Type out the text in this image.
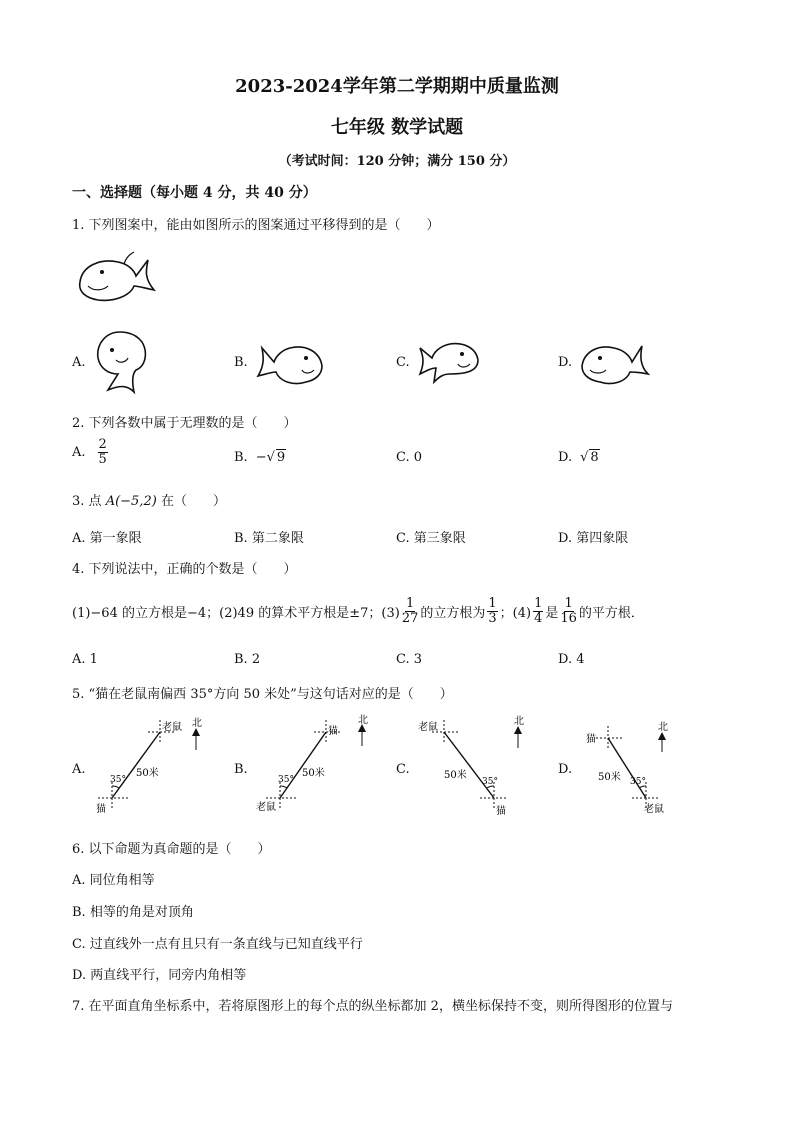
2023-2024学年第二学期期中质量监测
七年级 数学试题
（考试时间：120 分钟；满分 150 分）
一、选择题（每小题 4 分，共 40 分）
1. 下列图案中，能由如图所示的图案通过平移得到的是（　　）
A.	B.	C.	D.
2. 下列各数中属于无理数的是（　　）
A. $\frac{2}{5}$	B. −√ 9	C. 0	D. √ 8
3. 点 A(−5,2) 在（　　）
A. 第一象限	B. 第二象限	C. 第三象限	D. 第四象限
4. 下列说法中，正确的个数是（　　）
(1)−64 的立方根是−4；(2)49 的算术平方根是±7；$(3) \frac{1}{27}$ 的立方根为 $\frac{1}{3}$ ；$(4) \frac{1}{4}$ 是 $\frac{1}{16}$ 的平方根．
A. 1	B. 2	C. 3	D. 4
5. “猫在老鼠南偏西 35°方向 50 米处”与这句话对应的是（　　）
A.
北
老鼠
猫
50米
35°
B.
北
猫
老鼠
50米
35°
C.
北
老鼠
猫
50米
35°
D.
北
猫
老鼠
50米 35°
6. 以下命题为真命题的是（　　）
A. 同位角相等
B. 相等的角是对顶角
C. 过直线外一点有且只有一条直线与已知直线平行
D. 两直线平行，同旁内角相等
7. 在平面直角坐标系中，若将原图形上的每个点的纵坐标都加 2，横坐标保持不变，则所得图形的位置与
